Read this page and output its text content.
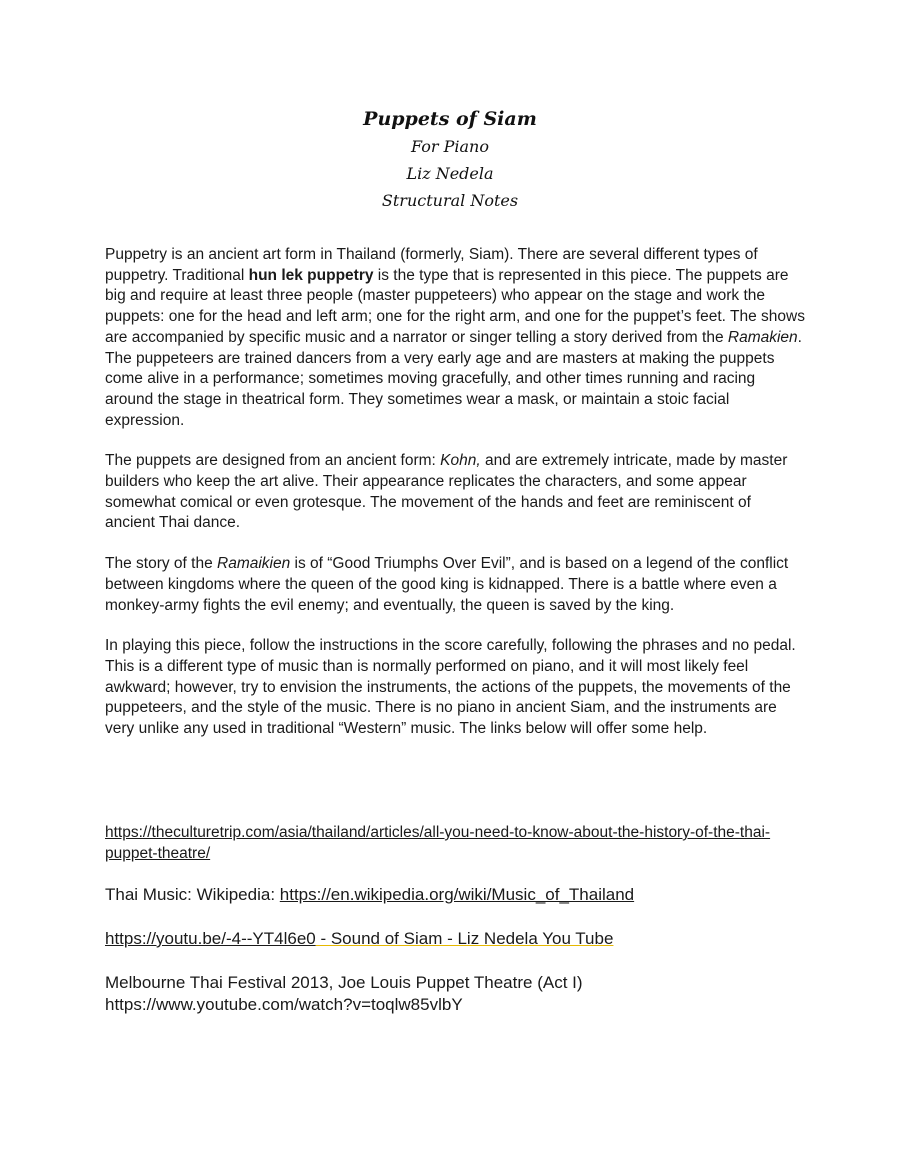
Puppets of Siam
For Piano
Liz Nedela
Structural Notes

Puppetry is an ancient art form in Thailand (formerly, Siam). There are several different types of puppetry. Traditional hun lek puppetry is the type that is represented in this piece. The puppets are big and require at least three people (master puppeteers) who appear on the stage and work the puppets: one for the head and left arm; one for the right arm, and one for the puppet’s feet. The shows are accompanied by specific music and a narrator or singer telling a story derived from the Ramakien. The puppeteers are trained dancers from a very early age and are masters at making the puppets come alive in a performance; sometimes moving gracefully, and other times running and racing around the stage in theatrical form. They sometimes wear a mask, or maintain a stoic facial expression.

The puppets are designed from an ancient form: Kohn, and are extremely intricate, made by master builders who keep the art alive. Their appearance replicates the characters, and some appear somewhat comical or even grotesque. The movement of the hands and feet are reminiscent of ancient Thai dance.

The story of the Ramaikien is of “Good Triumphs Over Evil”, and is based on a legend of the conflict between kingdoms where the queen of the good king is kidnapped. There is a battle where even a monkey-army fights the evil enemy; and eventually, the queen is saved by the king.

In playing this piece, follow the instructions in the score carefully, following the phrases and no pedal. This is a different type of music than is normally performed on piano, and it will most likely feel awkward; however, try to envision the instruments, the actions of the puppets, the movements of the puppeteers, and the style of the music. There is no piano in ancient Siam, and the instruments are very unlike any used in traditional “Western” music. The links below will offer some help.

https://theculturetrip.com/asia/thailand/articles/all-you-need-to-know-about-the-history-of-the-thai-puppet-theatre/
Thai Music: Wikipedia: https://en.wikipedia.org/wiki/Music_of_Thailand
https://youtu.be/-4--YT4l6e0 - Sound of Siam - Liz Nedela You Tube
Melbourne Thai Festival 2013, Joe Louis Puppet Theatre (Act I)
https://www.youtube.com/watch?v=toqlw85vlbY
